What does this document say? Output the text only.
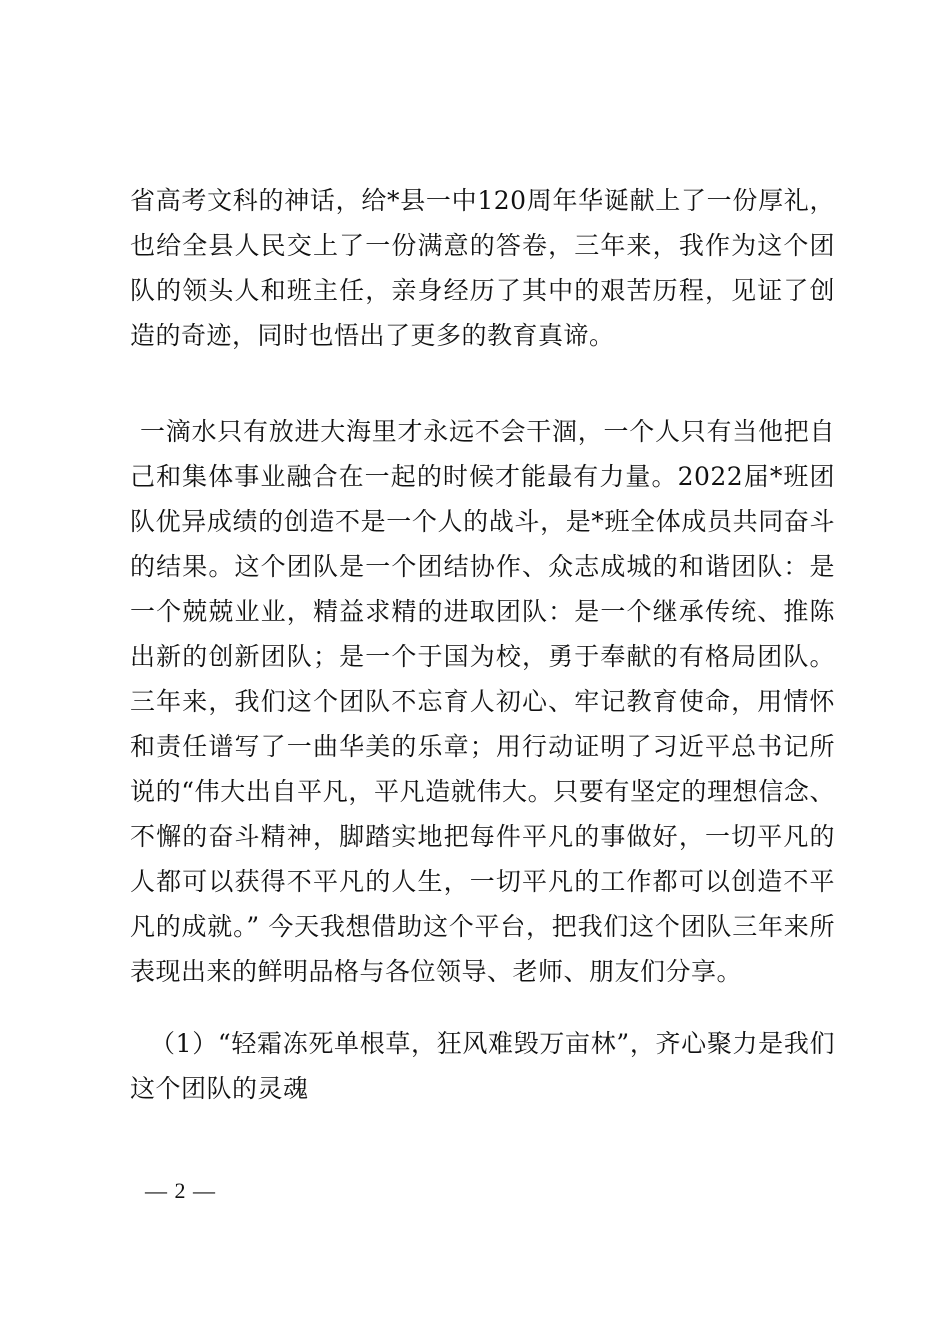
省高考文科的神话，给*县一中120周年华诞献上了一份厚礼，也给全县人民交上了一份满意的答卷，三年来，我作为这个团队的领头人和班主任，亲身经历了其中的艰苦历程，见证了创造的奇迹，同时也悟出了更多的教育真谛。

一滴水只有放进大海里才永远不会干涸，一个人只有当他把自己和集体事业融合在一起的时候才能最有力量。2022届*班团队优异成绩的创造不是一个人的战斗，是*班全体成员共同奋斗的结果。这个团队是一个团结协作、众志成城的和谐团队：是一个兢兢业业，精益求精的进取团队：是一个继承传统、推陈出新的创新团队；是一个于国为校，勇于奉献的有格局团队。三年来，我们这个团队不忘育人初心、牢记教育使命，用情怀和责任谱写了一曲华美的乐章；用行动证明了习近平总书记所说的“伟大出自平凡，平凡造就伟大。只要有坚定的理想信念、不懈的奋斗精神，脚踏实地把每件平凡的事做好，一切平凡的人都可以获得不平凡的人生，一切平凡的工作都可以创造不平凡的成就。” 今天我想借助这个平台，把我们这个团队三年来所表现出来的鲜明品格与各位领导、老师、朋友们分享。

（1）“轻霜冻死单根草，狂风难毁万亩林”，齐心聚力是我们这个团队的灵魂

— 2 —
